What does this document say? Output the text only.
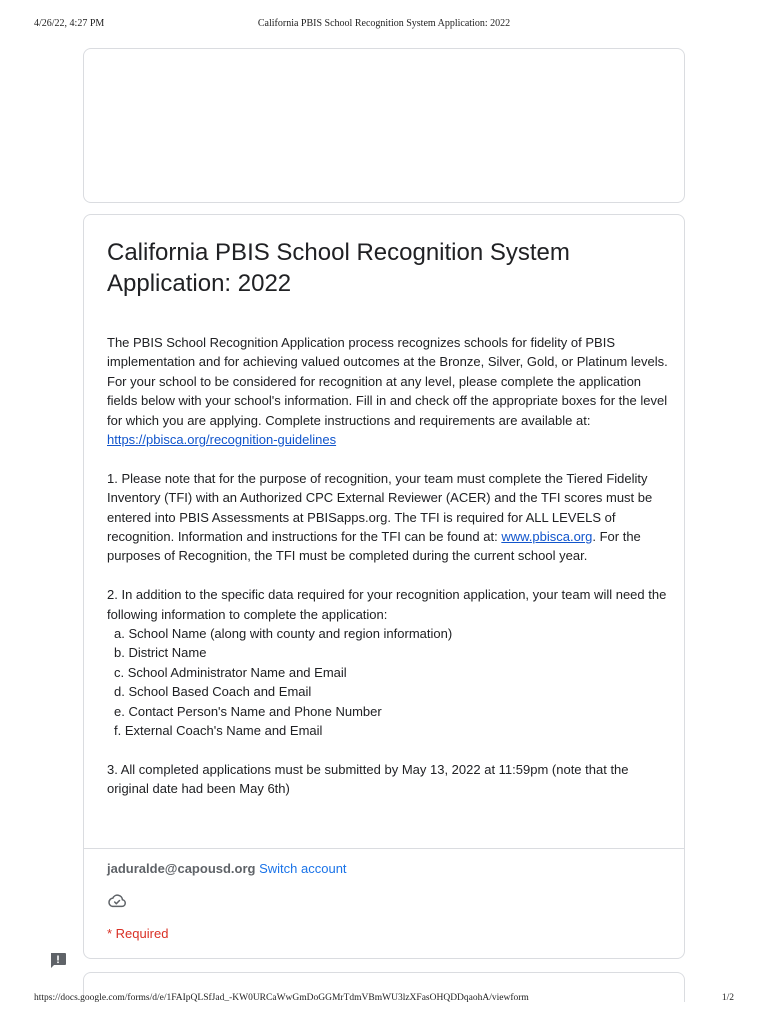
4/26/22, 4:27 PM	California PBIS School Recognition System Application: 2022
California PBIS School Recognition System Application: 2022

The PBIS School Recognition Application process recognizes schools for fidelity of PBIS implementation and for achieving valued outcomes at the Bronze, Silver, Gold, or Platinum levels. For your school to be considered for recognition at any level, please complete the application fields below with your school's information. Fill in and check off the appropriate boxes for the level for which you are applying. Complete instructions and requirements are available at: https://pbisca.org/recognition-guidelines

1. Please note that for the purpose of recognition, your team must complete the Tiered Fidelity Inventory (TFI) with an Authorized CPC External Reviewer (ACER) and the TFI scores must be entered into PBIS Assessments at PBISapps.org. The TFI is required for ALL LEVELS of recognition. Information and instructions for the TFI can be found at: www.pbisca.org. For the purposes of Recognition, the TFI must be completed during the current school year.

2. In addition to the specific data required for your recognition application, your team will need the following information to complete the application:
a. School Name (along with county and region information)
b. District Name
c. School Administrator Name and Email
d. School Based Coach and Email
e. Contact Person's Name and Phone Number
f. External Coach's Name and Email

3. All completed applications must be submitted by May 13, 2022 at 11:59pm (note that the original date had been May 6th)

jaduralde@capousd.org Switch account
* Required
https://docs.google.com/forms/d/e/1FAIpQLSfJad_-KW0URCaWwGmDoGGMrTdmVBmWU3lzXFasOHQDDqaohA/viewform	1/2
